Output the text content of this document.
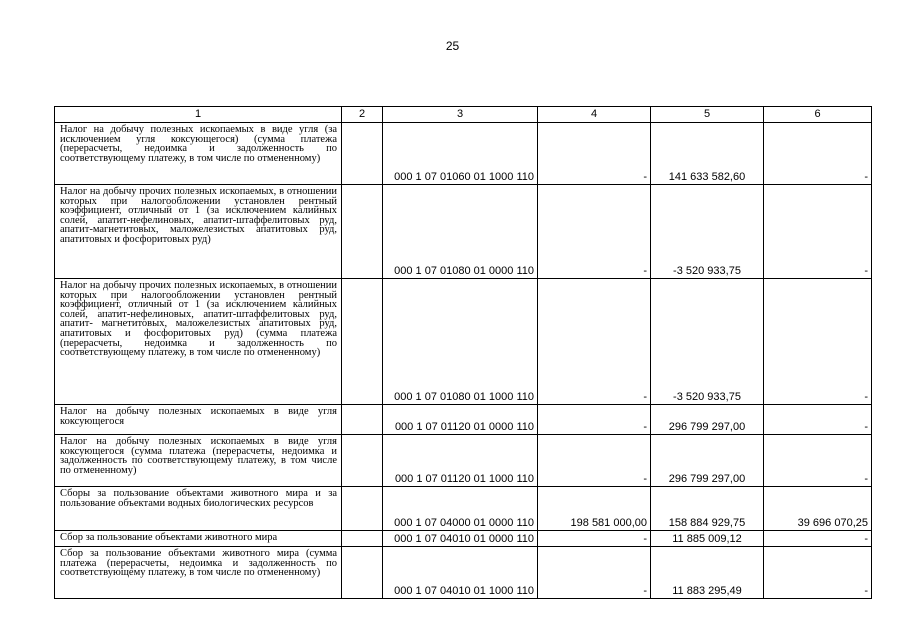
25
1	2	3	4	5	6
Налог на добычу полезных ископаемых в виде угля (за исключением угля коксующегося) (сумма платежа (перерасчеты, недоимка и задолженность по соответствующему платежу, в том числе по отмененному)		000 1 07 01060 01 1000 110	-	141 633 582,60	-
Налог на добычу прочих полезных ископаемых, в отношении которых при налогообложении установлен рентный коэффициент, отличный от 1 (за исключением калийных солей, апатит-нефелиновых, апатит-штаффелитовых руд, апатит-магнетитовых, маложелезистых апатитовых руд, апатитовых и фосфоритовых руд)		000 1 07 01080 01 0000 110	-	-3 520 933,75	-
Налог на добычу прочих полезных ископаемых, в отношении которых при налогообложении установлен рентный коэффициент, отличный от 1 (за исключением калийных солей, апатит-нефелиновых, апатит-штаффелитовых руд, апатит- магнетитовых, маложелезистых апатитовых руд, апатитовых и фосфоритовых руд) (сумма платежа (перерасчеты, недоимка и задолженность по соответствующему платежу, в том числе по отмененному)		000 1 07 01080 01 1000 110	-	-3 520 933,75	-
Налог на добычу полезных ископаемых в виде угля коксующегося		000 1 07 01120 01 0000 110	-	296 799 297,00	-
Налог на добычу полезных ископаемых в виде угля коксующегося (сумма платежа (перерасчеты, недоимка и задолженность по соответствующему платежу, в том числе по отмененному)		000 1 07 01120 01 1000 110	-	296 799 297,00	-
Сборы за пользование объектами животного мира и за пользование объектами водных биологических ресурсов		000 1 07 04000 01 0000 110	198 581 000,00	158 884 929,75	39 696 070,25
Сбор за пользование объектами животного мира		000 1 07 04010 01 0000 110	-	11 885 009,12	-
Сбор за пользование объектами животного мира (сумма платежа (перерасчеты, недоимка и задолженность по соответствующему платежу, в том числе по отмененному)		000 1 07 04010 01 1000 110	-	11 883 295,49	-
